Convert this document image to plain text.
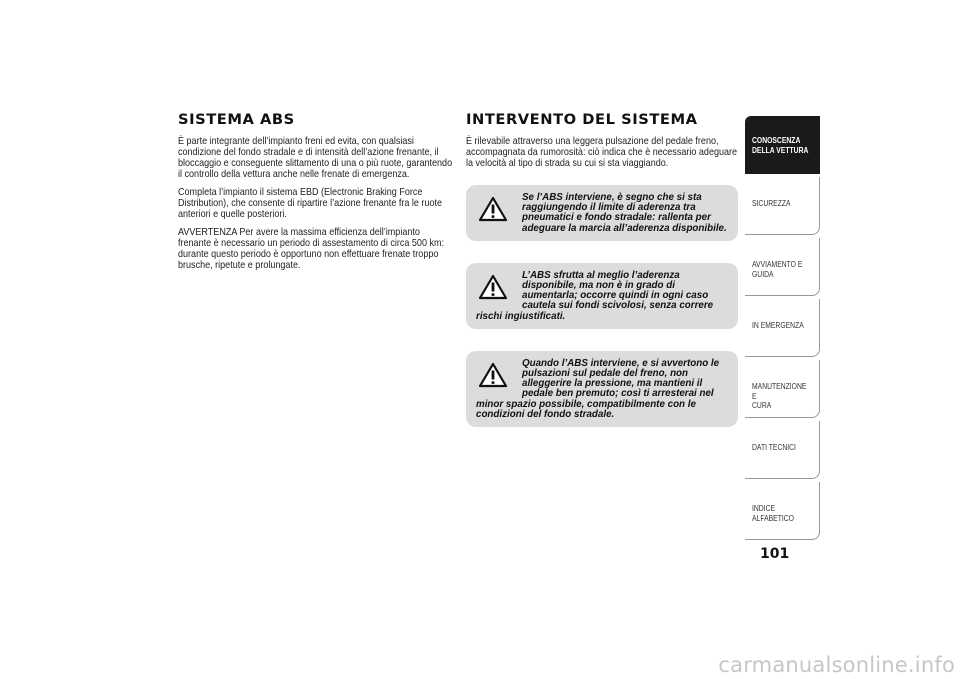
SISTEMA ABS

È parte integrante dell’impianto freni ed evita, con qualsiasi condizione del fondo stradale e di intensità dell’azione frenante, il bloccaggio e conseguente slittamento di una o più ruote, garantendo il controllo della vettura anche nelle frenate di emergenza.

Completa l’impianto il sistema EBD (Electronic Braking Force Distribution), che consente di ripartire l’azione frenante fra le ruote anteriori e quelle posteriori.

AVVERTENZA Per avere la massima efficienza dell’impianto frenante è necessario un periodo di assestamento di circa 500 km: durante questo periodo è opportuno non effettuare frenate troppo brusche, ripetute e prolungate.

INTERVENTO DEL SISTEMA

È rilevabile attraverso una leggera pulsazione del pedale freno, accompagnata da rumorosità: ciò indica che è necessario adeguare la velocità al tipo di strada su cui si sta viaggiando.

Se l’ABS interviene, è segno che si sta raggiungendo il limite di aderenza tra pneumatici e fondo stradale: rallenta per adeguare la marcia all’aderenza disponibile.

L’ABS sfrutta al meglio l’aderenza disponibile, ma non è in grado di aumentarla; occorre quindi in ogni caso cautela sui fondi scivolosi, senza correre rischi ingiustificati.

Quando l’ABS interviene, e si avvertono le pulsazioni sul pedale del freno, non alleggerire la pressione, ma mantieni il pedale ben premuto; così ti arresterai nel minor spazio possibile, compatibilmente con le condizioni del fondo stradale.

CONOSCENZA
DELLA VETTURA
SICUREZZA
AVVIAMENTO E
GUIDA
IN EMERGENZA
MANUTENZIONE E
CURA
DATI TECNICI
INDICE ALFABETICO
101
carmanualsonline.info
